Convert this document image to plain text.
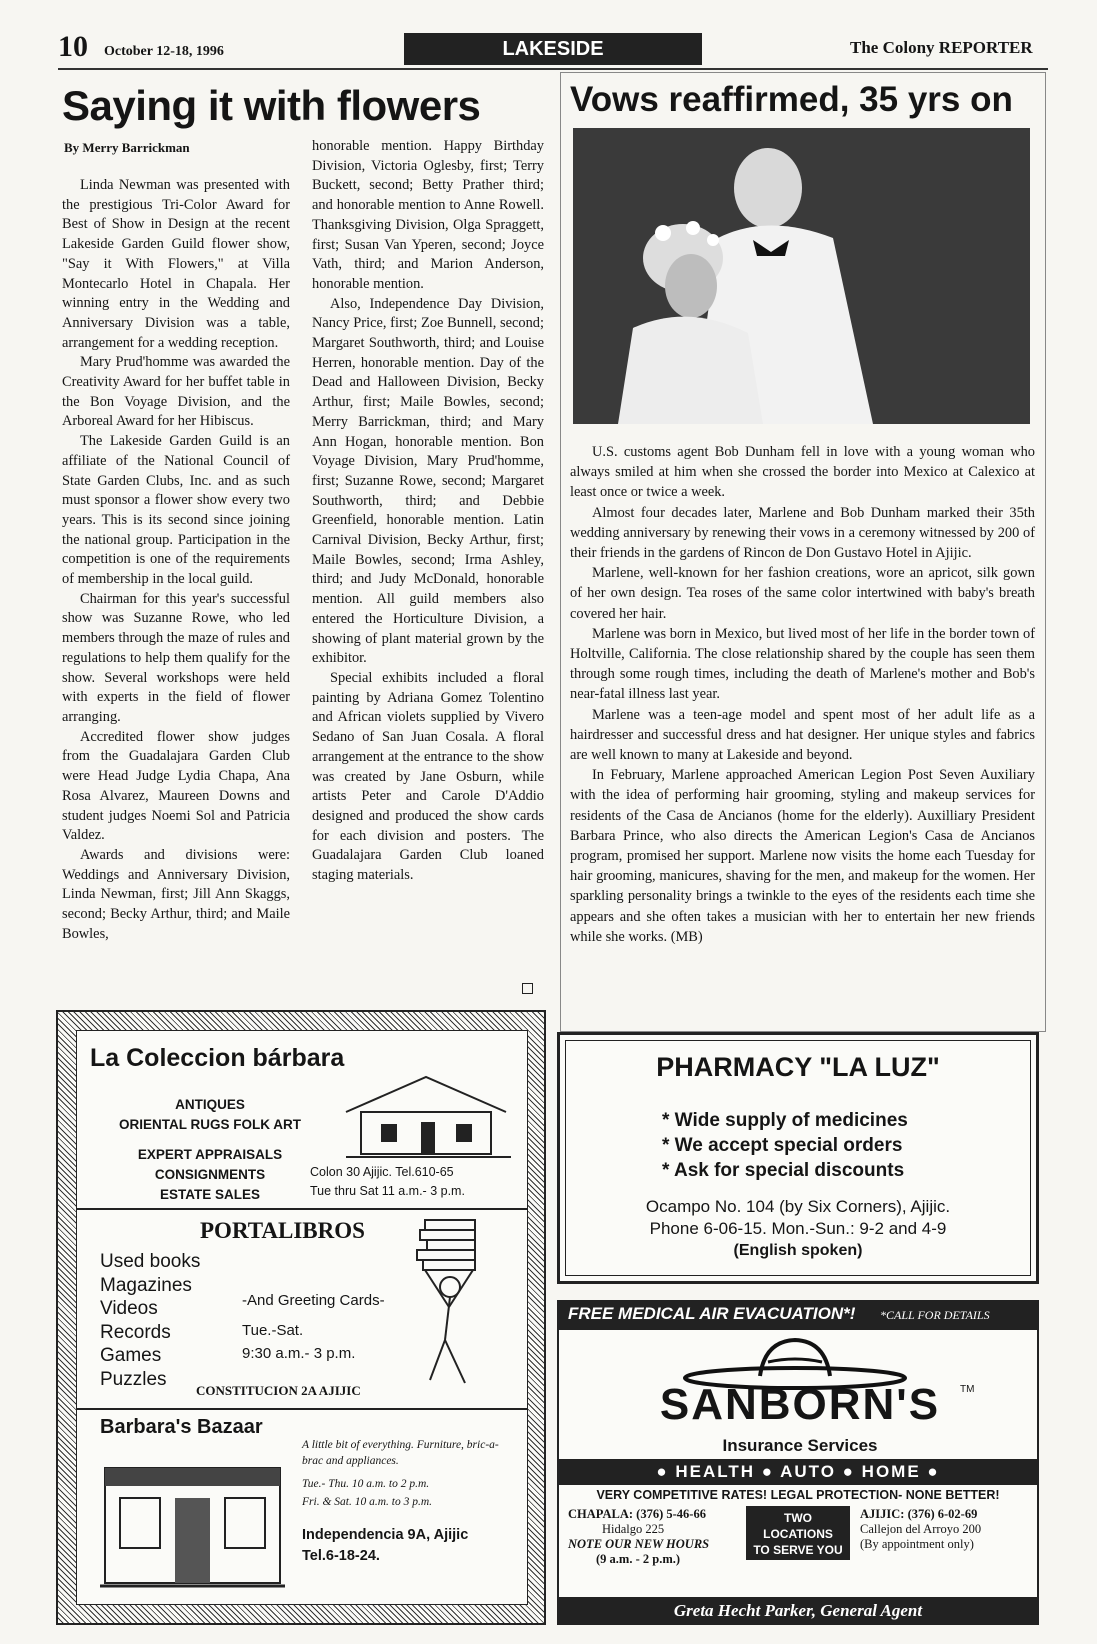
10 October 12-18, 1996	LAKESIDE	The Colony REPORTER
Saying it with flowers
By Merry Barrickman

Linda Newman was presented with the prestigious Tri-Color Award for Best of Show in Design at the recent Lakeside Garden Guild flower show, "Say it With Flowers," at Villa Montecarlo Hotel in Chapala. Her winning entry in the Wedding and Anniversary Division was a table, arrangement for a wedding reception.

Mary Prud'homme was awarded the Creativity Award for her buffet table in the Bon Voyage Division, and the Arboreal Award for her Hibiscus.

The Lakeside Garden Guild is an affiliate of the National Council of State Garden Clubs, Inc. and as such must sponsor a flower show every two years. This is its second since joining the national group. Participation in the competition is one of the requirements of membership in the local guild.

Chairman for this year's successful show was Suzanne Rowe, who led members through the maze of rules and regulations to help them qualify for the show. Several workshops were held with experts in the field of flower arranging.

Accredited flower show judges from the Guadalajara Garden Club were Head Judge Lydia Chapa, Ana Rosa Alvarez, Maureen Downs and student judges Noemi Sol and Patricia Valdez.

Awards and divisions were: Weddings and Anniversary Division, Linda Newman, first; Jill Ann Skaggs, second; Becky Arthur, third; and Maile Bowles,

honorable mention. Happy Birthday Division, Victoria Oglesby, first; Terry Buckett, second; Betty Prather third; and honorable mention to Anne Rowell. Thanksgiving Division, Olga Spraggett, first; Susan Van Yperen, second; Joyce Vath, third; and Marion Anderson, honorable mention.

Also, Independence Day Division, Nancy Price, first; Zoe Bunnell, second; Margaret Southworth, third; and Louise Herren, honorable mention. Day of the Dead and Halloween Division, Becky Arthur, first; Maile Bowles, second; Merry Barrickman, third; and Mary Ann Hogan, honorable mention. Bon Voyage Division, Mary Prud'homme, first; Suzanne Rowe, second; Margaret Southworth, third; and Debbie Greenfield, honorable mention. Latin Carnival Division, Becky Arthur, first; Maile Bowles, second; Irma Ashley, third; and Judy McDonald, honorable mention. All guild members also entered the Horticulture Division, a showing of plant material grown by the exhibitor.

Special exhibits included a floral painting by Adriana Gomez Tolentino and African violets supplied by Vivero Sedano of San Juan Cosala. A floral arrangement at the entrance to the show was created by Jane Osburn, while artists Peter and Carole D'Addio designed and produced the show cards for each division and posters. The Guadalajara Garden Club loaned staging materials.

Vows reaffirmed, 35 yrs on

U.S. customs agent Bob Dunham fell in love with a young woman who always smiled at him when she crossed the border into Mexico at Calexico at least once or twice a week.

Almost four decades later, Marlene and Bob Dunham marked their 35th wedding anniversary by renewing their vows in a ceremony witnessed by 200 of their friends in the gardens of Rincon de Don Gustavo Hotel in Ajijic.

Marlene, well-known for her fashion creations, wore an apricot, silk gown of her own design. Tea roses of the same color intertwined with baby's breath covered her hair.

Marlene was born in Mexico, but lived most of her life in the border town of Holtville, California. The close relationship shared by the couple has seen them through some rough times, including the death of Marlene's mother and Bob's near-fatal illness last year.

Marlene was a teen-age model and spent most of her adult life as a hairdresser and successful dress and hat designer. Her unique styles and fabrics are well known to many at Lakeside and beyond.

In February, Marlene approached American Legion Post Seven Auxiliary with the idea of performing hair grooming, styling and makeup services for residents of the Casa de Ancianos (home for the elderly). Auxilliary President Barbara Prince, who also directs the American Legion's Casa de Ancianos program, promised her support. Marlene now visits the home each Tuesday for hair grooming, manicures, shaving for the men, and makeup for the women. Her sparkling personality brings a twinkle to the eyes of the residents each time she appears and she often takes a musician with her to entertain her new friends while she works. (MB)

La Coleccion bárbara
ANTIQUES
ORIENTAL RUGS FOLK ART
EXPERT APPRAISALS
CONSIGNMENTS
ESTATE SALES
Colon 30 Ajijic. Tel.610-65
Tue thru Sat 11 a.m.- 3 p.m.
PORTALIBROS
Used books
Magazines
Videos
Records
Games
Puzzles
-And Greeting Cards-
Tue.-Sat.
9:30 a.m.- 3 p.m.
CONSTITUCION 2A AJIJIC
Barbara's Bazaar
A little bit of everything. Furniture, bric-a-brac and appliances.
Tue.- Thu. 10 a.m. to 2 p.m.
Fri. & Sat. 10 a.m. to 3 p.m.
Independencia 9A, Ajijic
Tel.6-18-24.
PHARMACY "LA LUZ"
* Wide supply of medicines
* We accept special orders
* Ask for special discounts
Ocampo No. 104 (by Six Corners), Ajijic.
Phone 6-06-15. Mon.-Sun.: 9-2 and 4-9
(English spoken)
FREE MEDICAL AIR EVACUATION*! *CALL FOR DETAILS
SANBORN'S	TM
Insurance Services
● HEALTH ● AUTO ● HOME ●
VERY COMPETITIVE RATES! LEGAL PROTECTION- NONE BETTER!
CHAPALA: (376) 5-46-66
Hidalgo 225
NOTE OUR NEW HOURS
(9 a.m. - 2 p.m.)
TWO
LOCATIONS
TO SERVE YOU
AJIJIC: (376) 6-02-69
Callejon del Arroyo 200
(By appointment only)
Greta Hecht Parker, General Agent
